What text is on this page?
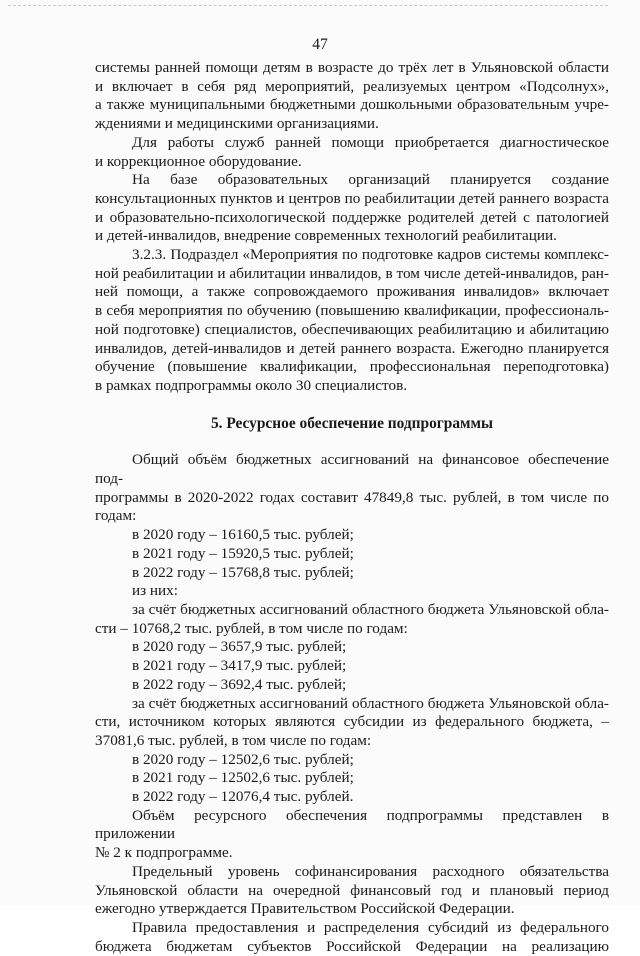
47

системы ранней помощи детям в возрасте до трёх лет в Ульяновской области

и включает в себя ряд мероприятий, реализуемых центром «Подсолнух»,

а также муниципальными бюджетными дошкольными образовательным учре-

ждениями и медицинскими организациями.

Для работы служб ранней помощи приобретается диагностическое

и коррекционное оборудование.

На базе образовательных организаций планируется создание

консультационных пунктов и центров по реабилитации детей раннего возраста

и образовательно-психологической поддержке родителей детей с патологией

и детей-инвалидов, внедрение современных технологий реабилитации.

3.2.3. Подраздел «Мероприятия по подготовке кадров системы комплекс-

ной реабилитации и абилитации инвалидов, в том числе детей-инвалидов, ран-

ней помощи, а также сопровождаемого проживания инвалидов» включает

в себя мероприятия по обучению (повышению квалификации, профессиональ-

ной подготовке) специалистов, обеспечивающих реабилитацию и абилитацию

инвалидов, детей-инвалидов и детей раннего возраста. Ежегодно планируется

обучение (повышение квалификации, профессиональная переподготовка)

в рамках подпрограммы около 30 специалистов.

5. Ресурсное обеспечение подпрограммы

Общий объём бюджетных ассигнований на финансовое обеспечение под-

программы в 2020-2022 годах составит 47849,8 тыс. рублей, в том числе по годам:

в 2020 году – 16160,5 тыс. рублей;

в 2021 году – 15920,5 тыс. рублей;

в 2022 году – 15768,8 тыс. рублей;

из них:

за счёт бюджетных ассигнований областного бюджета Ульяновской обла-

сти – 10768,2 тыс. рублей, в том числе по годам:

в 2020 году – 3657,9 тыс. рублей;

в 2021 году – 3417,9 тыс. рублей;

в 2022 году – 3692,4 тыс. рублей;

за счёт бюджетных ассигнований областного бюджета Ульяновской обла-

сти, источником которых являются субсидии из федерального бюджета, –

37081,6 тыс. рублей, в том числе по годам:

в 2020 году – 12502,6 тыс. рублей;

в 2021 году – 12502,6 тыс. рублей;

в 2022 году – 12076,4 тыс. рублей.

Объём ресурсного обеспечения подпрограммы представлен в приложении

№ 2 к подпрограмме.

Предельный уровень софинансирования расходного обязательства

Ульяновской области на очередной финансовый год и плановый период

ежегодно утверждается Правительством Российской Федерации.

Правила предоставления и распределения субсидий из федерального

бюджета бюджетам субъектов Российской Федерации на реализацию
